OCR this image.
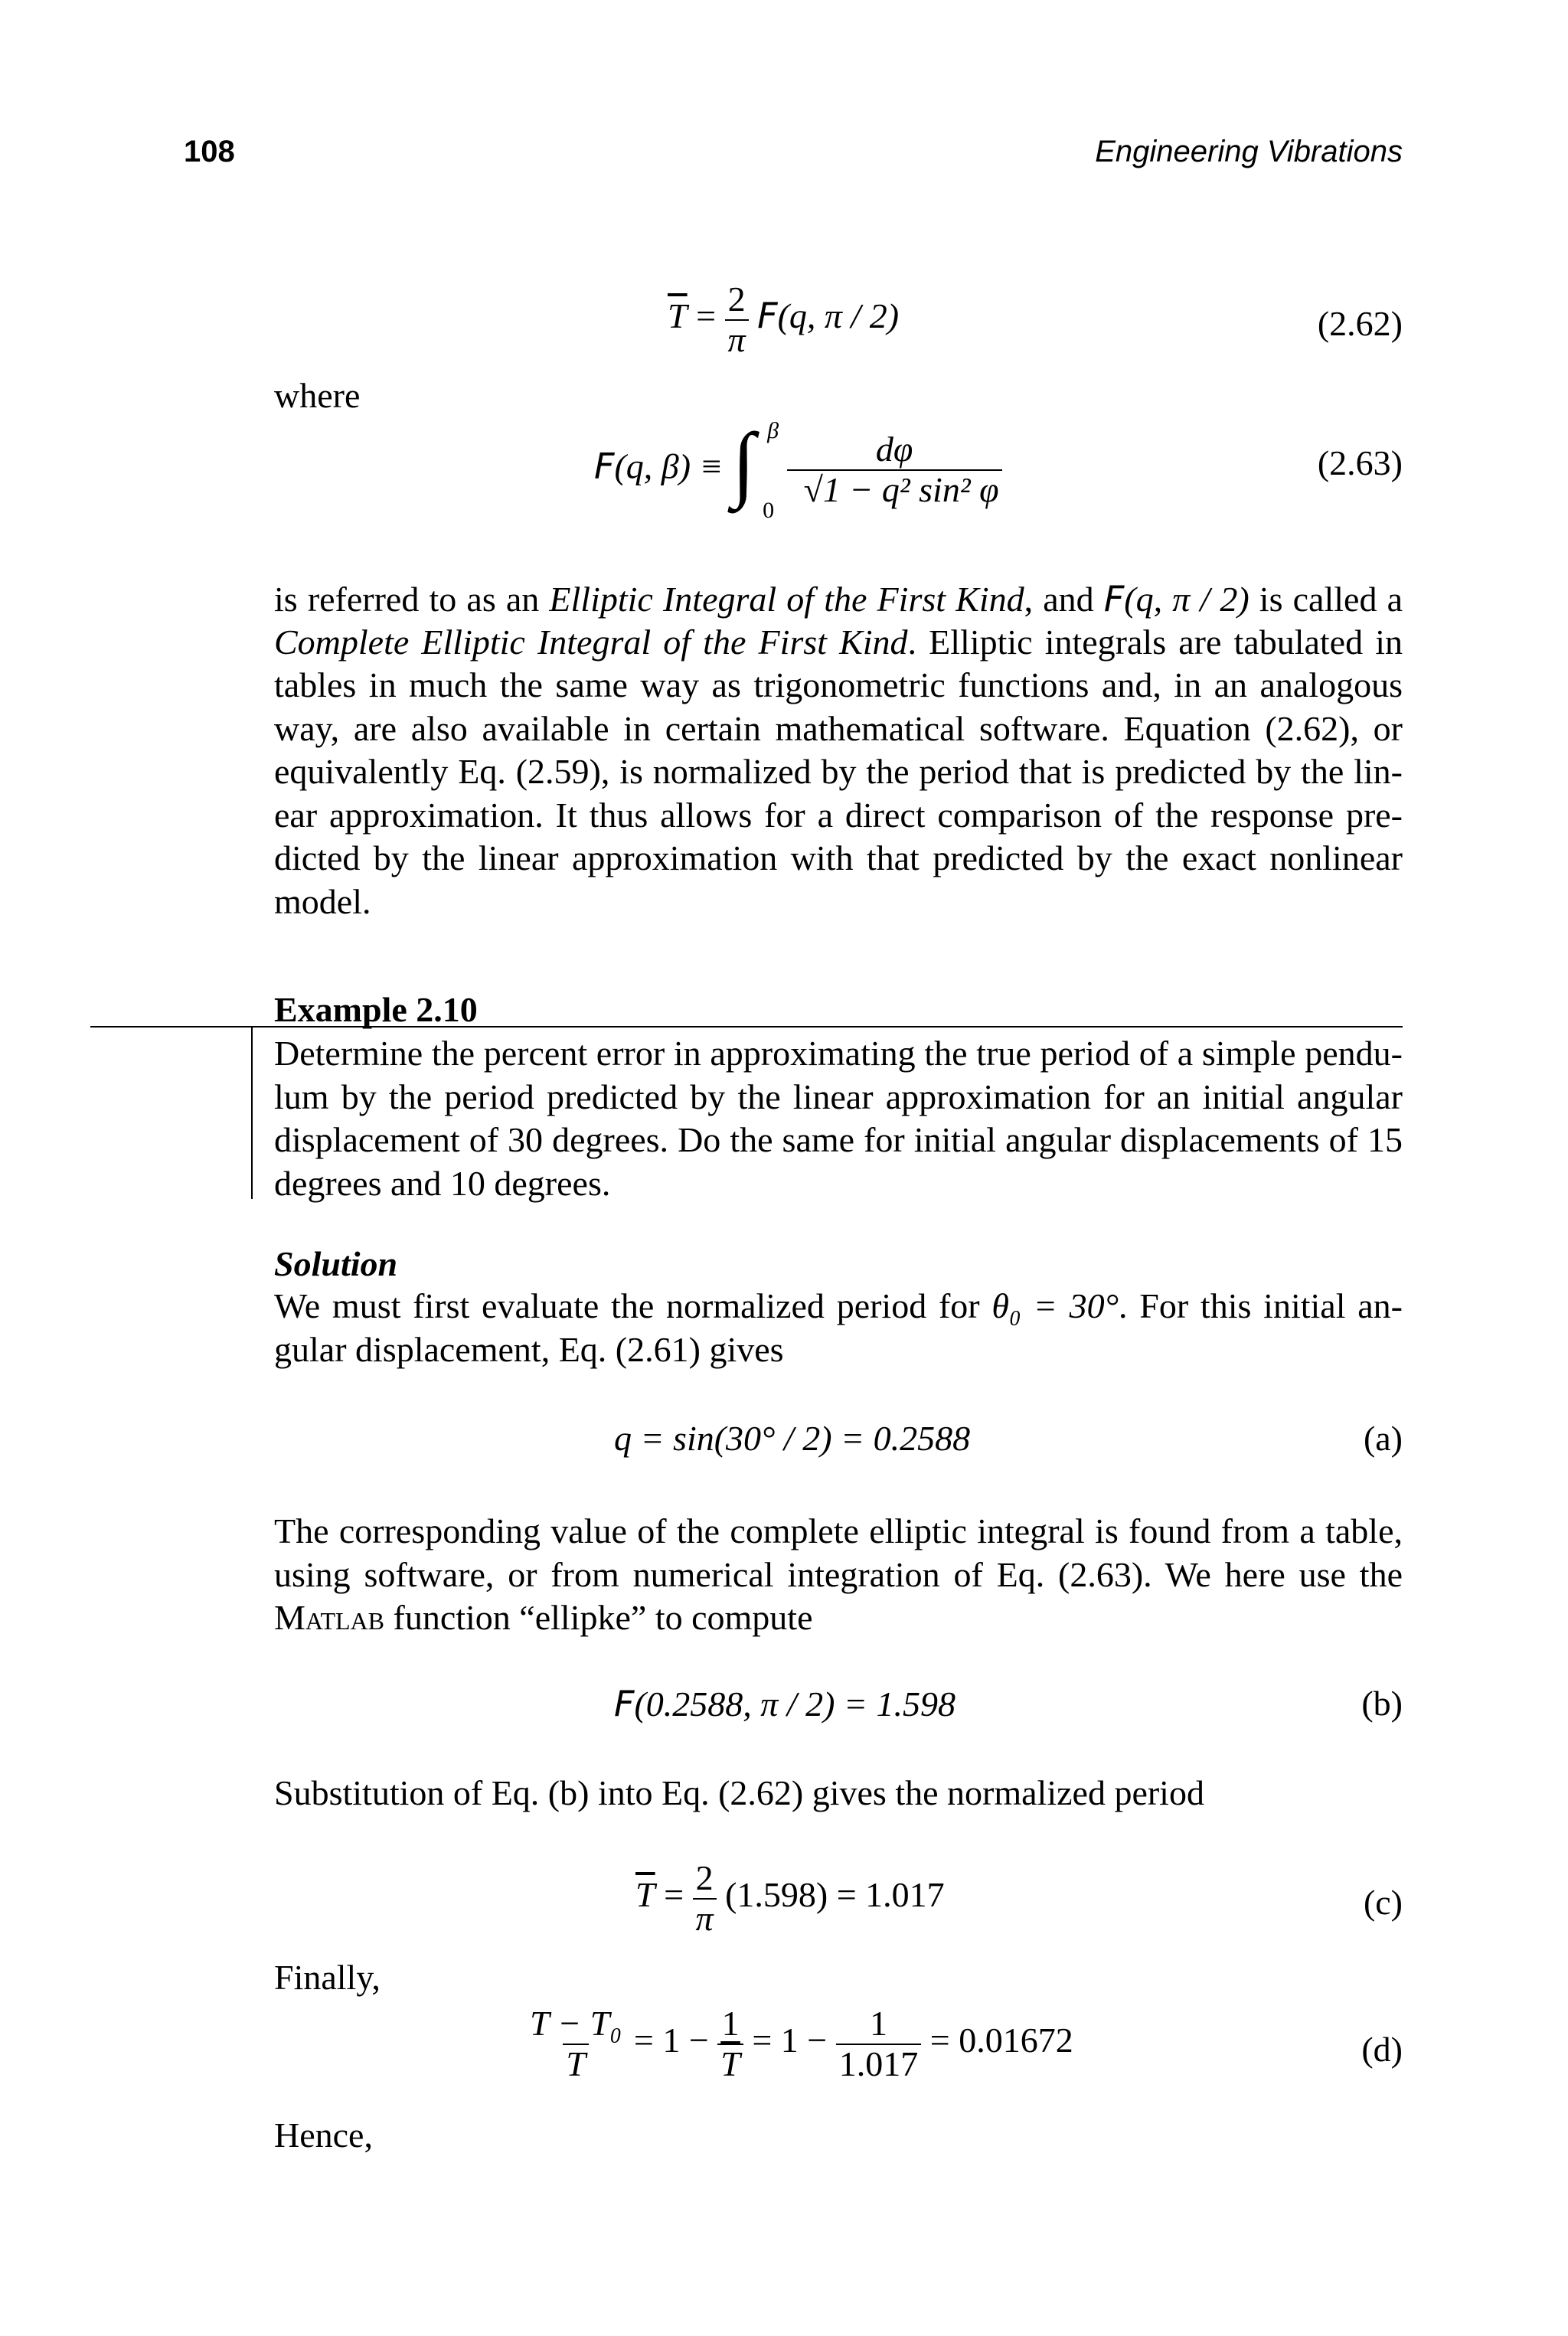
108	Engineering Vibrations
$\overline{T} = \frac{2}{\pi} F(q$, π / 2)	(2.62)
where
F(q, β) ≡ ∫ β
0

$\frac{d\varphi}{\text{√1 − q² sin² φ}}$	(2.63)
is referred to as an Elliptic Integral of the First Kind, and F(q, π / 2) is called a
Complete Elliptic Integral of the First Kind. Elliptic integrals are tabulated in
tables in much the same way as trigonometric functions and, in an analogous
way, are also available in certain mathematical software. Equation (2.62), or
equivalently Eq. (2.59), is normalized by the period that is predicted by the lin-
ear approximation. It thus allows for a direct comparison of the response pre-
dicted by the linear approximation with that predicted by the exact nonlinear
model.
Example 2.10
Determine the percent error in approximating the true period of a simple pendu-
lum by the period predicted by the linear approximation for an initial angular
displacement of 30 degrees. Do the same for initial angular displacements of 15
degrees and 10 degrees.
Solution
We must first evaluate the normalized period for θ₀ = 30°. For this initial an-
gular displacement, Eq. (2.61) gives
q = sin(30° / 2) = 0.2588	(a)
The corresponding value of the complete elliptic integral is found from a table,
using software, or from numerical integration of Eq. (2.63). We here use the
Matlab function “ellipke” to compute
F(0.2588, π / 2) = 1.598	(b)
Substitution of Eq. (b) into Eq. (2.62) gives the normalized period
$\overline{T} = \frac{2}{\pi} (1.598) = 1.017$	(c)
Finally,
$\frac{\text{T − T₀}}{T} = 1 - \frac{1}{T} = 1 - \frac{1}{1.017} = 0.01672$	(d)
Hence,
